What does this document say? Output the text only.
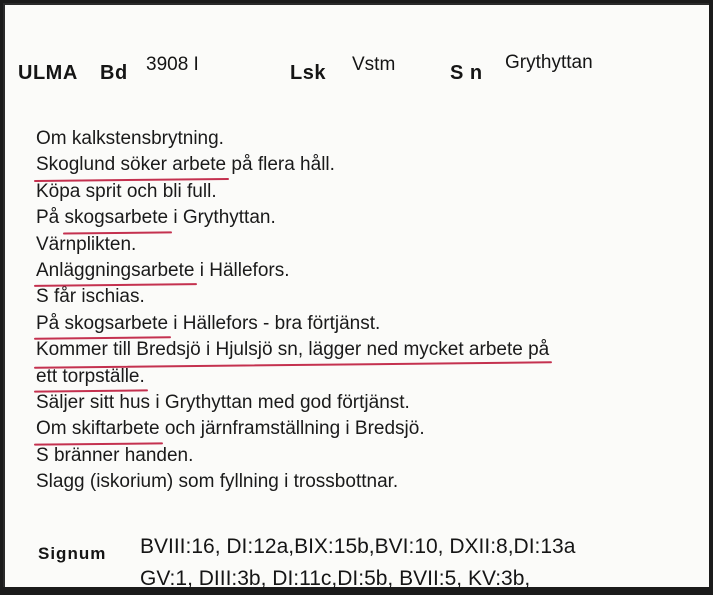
ULMA Bd 3908 I	Lsk Vstm	S n Grythyttan
Om kalkstensbrytning.
Skoglund söker arbete på flera håll.
Köpa sprit och bli full.
På skogsarbete i Grythyttan.
Värnplikten.
Anläggningsarbete i Hällefors.
S får ischias.
På skogsarbete i Hällefors - bra förtjänst.
Kommer till Bredsjö i Hjulsjö sn, lägger ned mycket arbete på
ett torpställe.
Säljer sitt hus i Grythyttan med god förtjänst.
Om skiftarbete och järnframställning i Bredsjö.
S bränner handen.
Slagg (iskorium) som fyllning i trossbottnar.
Signum BVIII:16, DI:12a,BIX:15b,BVI:10, DXII:8,DI:13a
GV:1, DIII:3b, DI:11c,DI:5b, BVII:5, KV:3b,
